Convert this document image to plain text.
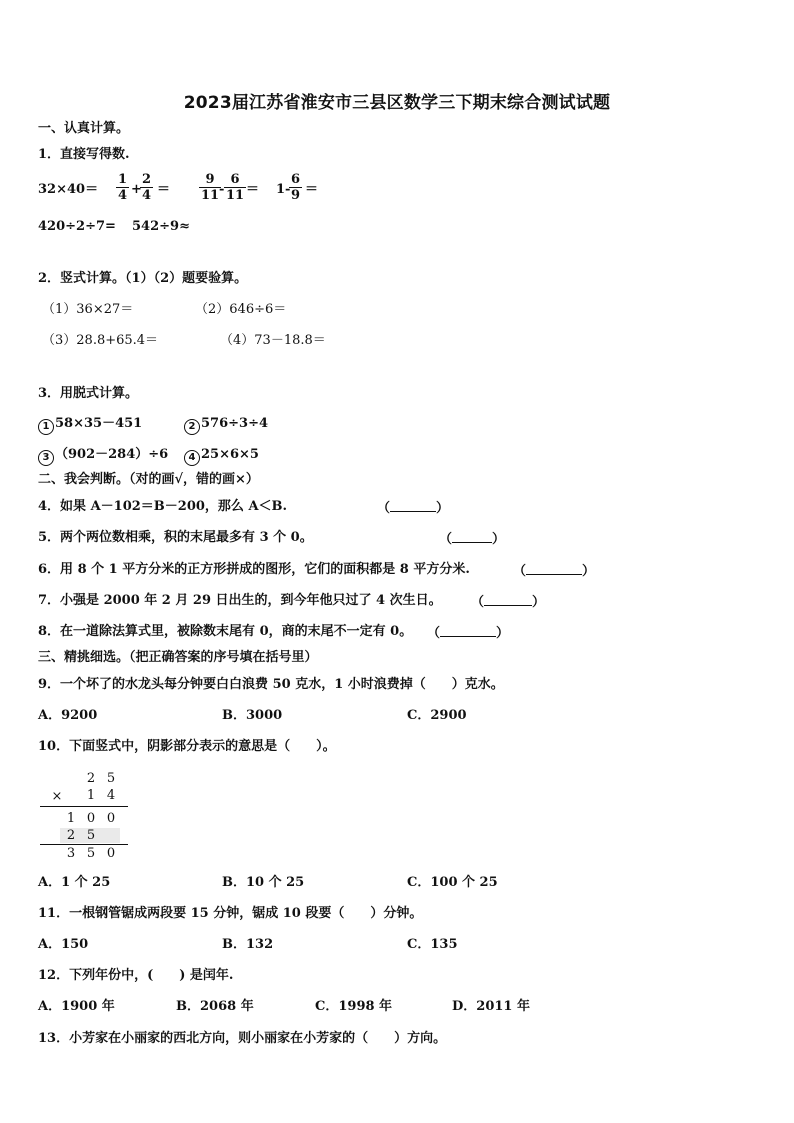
2023届江苏省淮安市三县区数学三下期末综合测试试题
一、认真计算。
1．直接写得数.
32×40＝
1
4 +
2
4 ＝
9
11 -
6
11 ＝ 1-
6
9 ＝
420÷2÷7= 542÷9≈
2．竖式计算。（1）（2）题要验算。
（1）36×27＝	（2）646÷6＝
（3）28.8+65.4＝	（4）73－18.8＝
3．用脱式计算。
1 58×35－451	2 576÷3÷4
3 （902－284）÷6	4 25×6×5
二、我会判断。（对的画√，错的画×）
4．如果 A－102＝B－200，那么 A＜B.	（	）
5．两个两位数相乘，积的末尾最多有 3 个 0。	（	）
6．用 8 个 1 平方分米的正方形拼成的图形，它们的面积都是 8 平方分米.	（	）
7．小强是 2000 年 2 月 29 日出生的，到今年他只过了 4 次生日。 （	）
8．在一道除法算式里，被除数末尾有 0，商的末尾不一定有 0。 （	）
三、精挑细选。（把正确答案的序号填在括号里）
9．一个坏了的水龙头每分钟要白白浪费 50 克水，1 小时浪费掉（　　）克水。
A．9200	B．3000	C．2900
10．下面竖式中，阴影部分表示的意思是（　　）。
2 5
× 1 4
1 0 0
2 5
3 5 0
A．1 个 25	B．10 个 25	C．100 个 25
11．一根钢管锯成两段要 15 分钟，锯成 10 段要（　　）分钟。
A．150	B．132	C．135
12．下列年份中，(　　) 是闰年.
A．1900 年	B．2068 年	C．1998 年	D．2011 年
13．小芳家在小丽家的西北方向，则小丽家在小芳家的（　　）方向。
